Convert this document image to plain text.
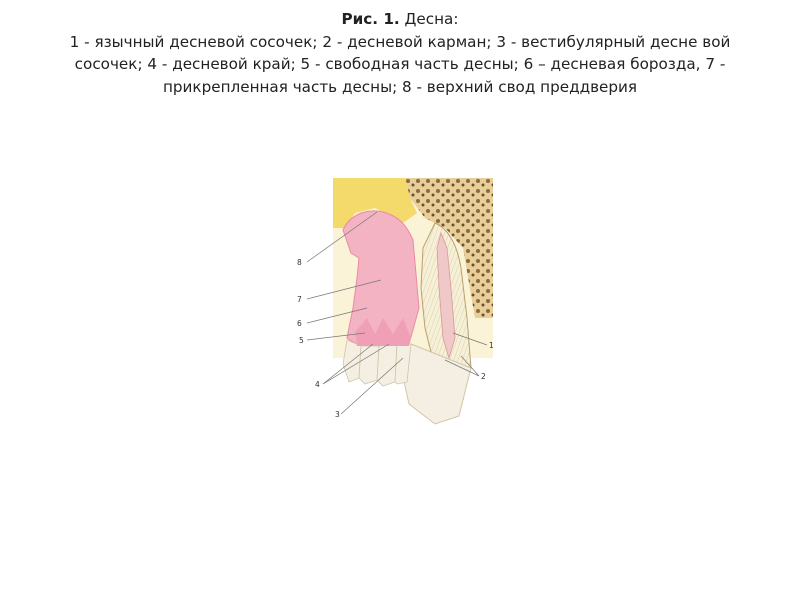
Рис. 1. Десна:
1 - язычный десневой сосочек; 2 - десневой карман; 3 - вестибулярный десне вой сосочек; 4 - десневой край; 5 - свободная часть десны; 6 – десневая борозда, 7 - прикрепленная часть десны; 8 - верхний свод преддверия
8
7
6
5
4
3
1
2
